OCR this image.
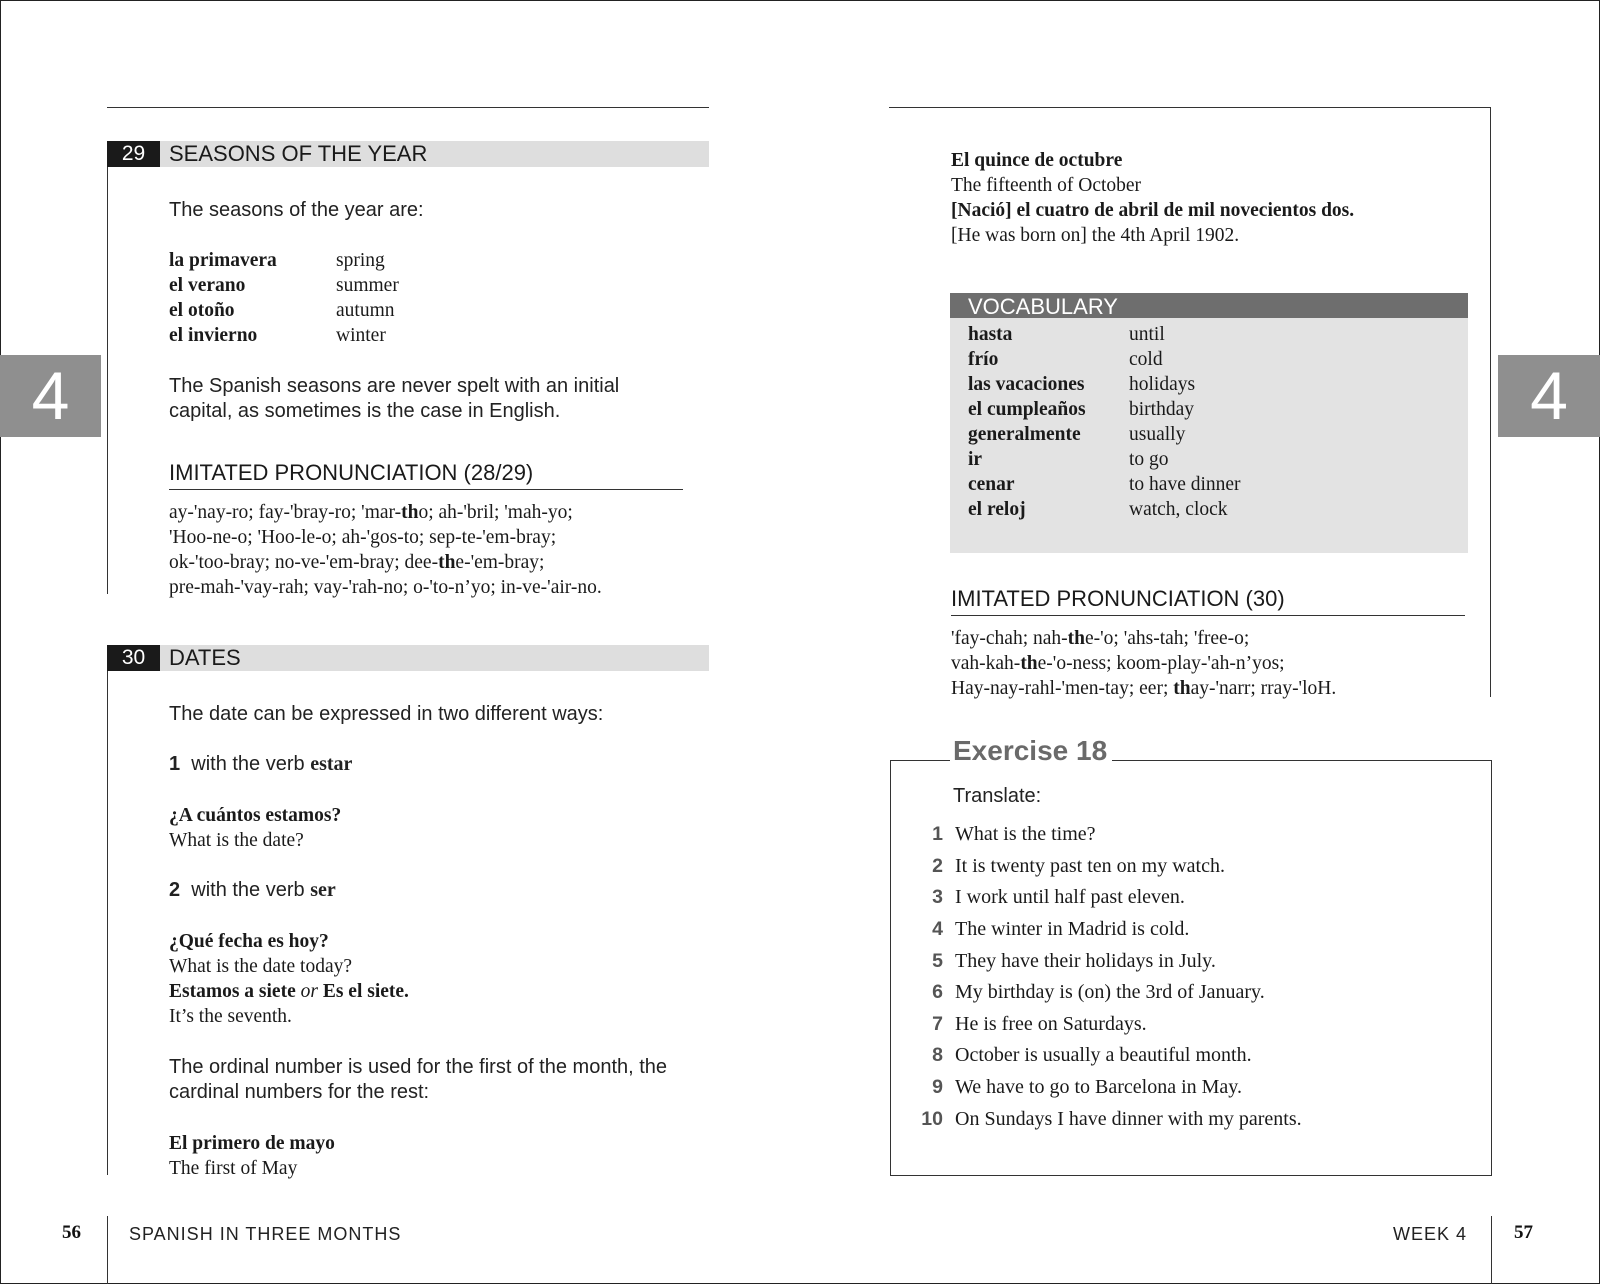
4	4
29	SEASONS OF THE YEAR
The seasons of the year are:
la primavera	spring
el verano	summer
el otoño	autumn
el invierno	winter
The Spanish seasons are never spelt with an initial
capital, as sometimes is the case in English.
IMITATED PRONUNCIATION (28/29)
ay-'nay-ro; fay-'bray-ro; 'mar-tho; ah-'bril; 'mah-yo;
'Hoo-ne-o; 'Hoo-le-o; ah-'gos-to; sep-te-'em-bray;
ok-'too-bray; no-ve-'em-bray; dee-the-'em-bray;
pre-mah-'vay-rah; vay-'rah-no; o-'to-n’yo; in-ve-'air-no.
30	DATES
The date can be expressed in two different ways:
1 with the verb estar
¿A cuántos estamos?
What is the date?
2 with the verb ser
¿Qué fecha es hoy?
What is the date today?
Estamos a siete or Es el siete.
It’s the seventh.
The ordinal number is used for the first of the month, the
cardinal numbers for the rest:
El primero de mayo
The first of May
El quince de octubre
The fifteenth of October
[Nació] el cuatro de abril de mil novecientos dos.
[He was born on] the 4th April 1902.
VOCABULARY
hasta	until
frío	cold
las vacaciones	holidays
el cumpleaños	birthday
generalmente	usually
ir	to go
cenar	to have dinner
el reloj	watch, clock
IMITATED PRONUNCIATION (30)
'fay-chah; nah-the-'o; 'ahs-tah; 'free-o;
vah-kah-the-'o-ness; koom-play-'ah-n’yos;
Hay-nay-rahl-'men-tay; eer; thay-'narr; rray-'loH.
Translate:
1 What is the time?
2 It is twenty past ten on my watch.
3 I work until half past eleven.
4 The winter in Madrid is cold.
5 They have their holidays in July.
6 My birthday is (on) the 3rd of January.
7 He is free on Saturdays.
8 October is usually a beautiful month.
9 We have to go to Barcelona in May.
10 On Sundays I have dinner with my parents.
Exercise 18
56	SPANISH IN THREE MONTHS	WEEK 4 57
